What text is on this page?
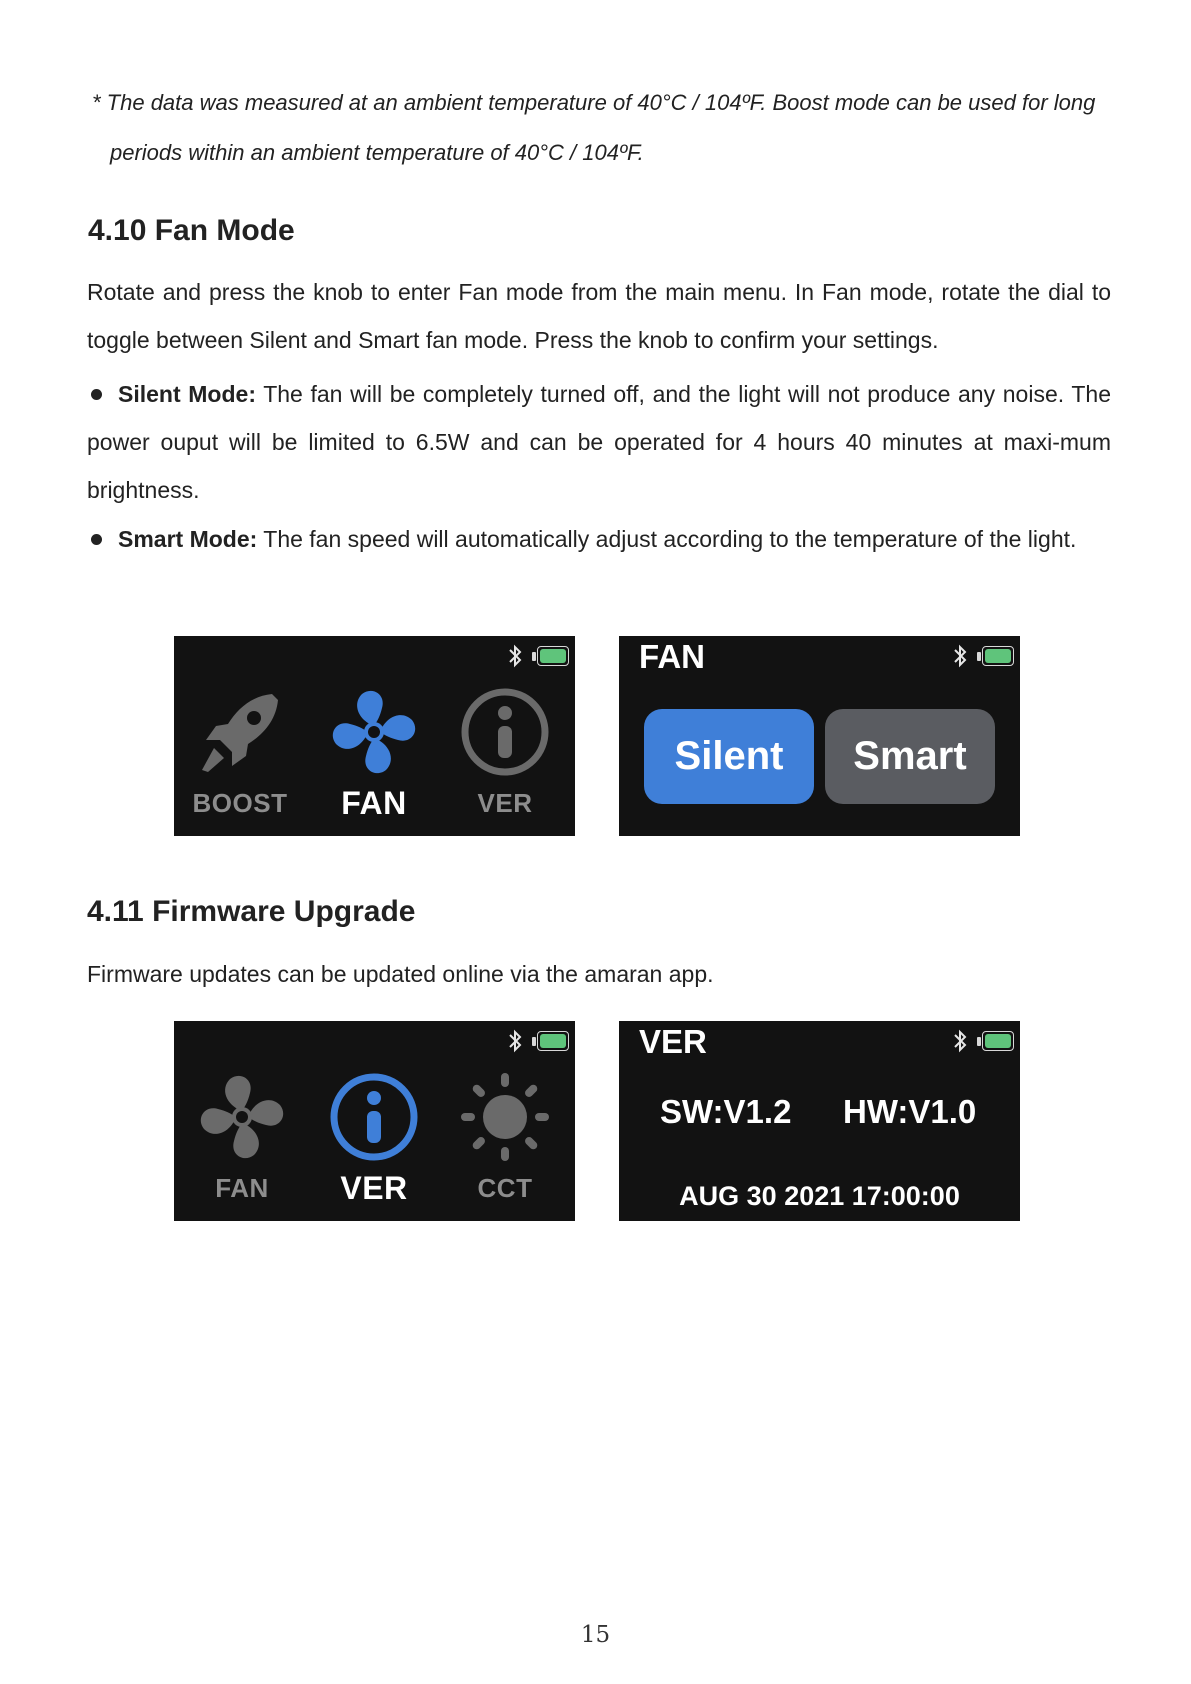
* The data was measured at an ambient temperature of 40°C / 104ºF. Boost mode can be used for long
periods within an ambient temperature of 40°C / 104ºF.
4.10 Fan Mode
Rotate and press the knob to enter Fan mode from the main menu. In Fan mode, rotate the dial to toggle between Silent and Smart fan mode. Press the knob to confirm your settings.
Silent Mode: The fan will be completely turned off, and the light will not produce any noise. The power ouput will be limited to 6.5W and can be operated for 4 hours 40 minutes at maxi-mum brightness.
Smart Mode: The fan speed will automatically adjust according to the temperature of the light.
BOOST	FAN	VER
FAN
Silent	Smart
4.11 Firmware Upgrade
Firmware updates can be updated online via the amaran app.
FAN	VER	CCT
VER
SW:V1.2 HW:V1.0
AUG 30 2021 17:00:00
15
